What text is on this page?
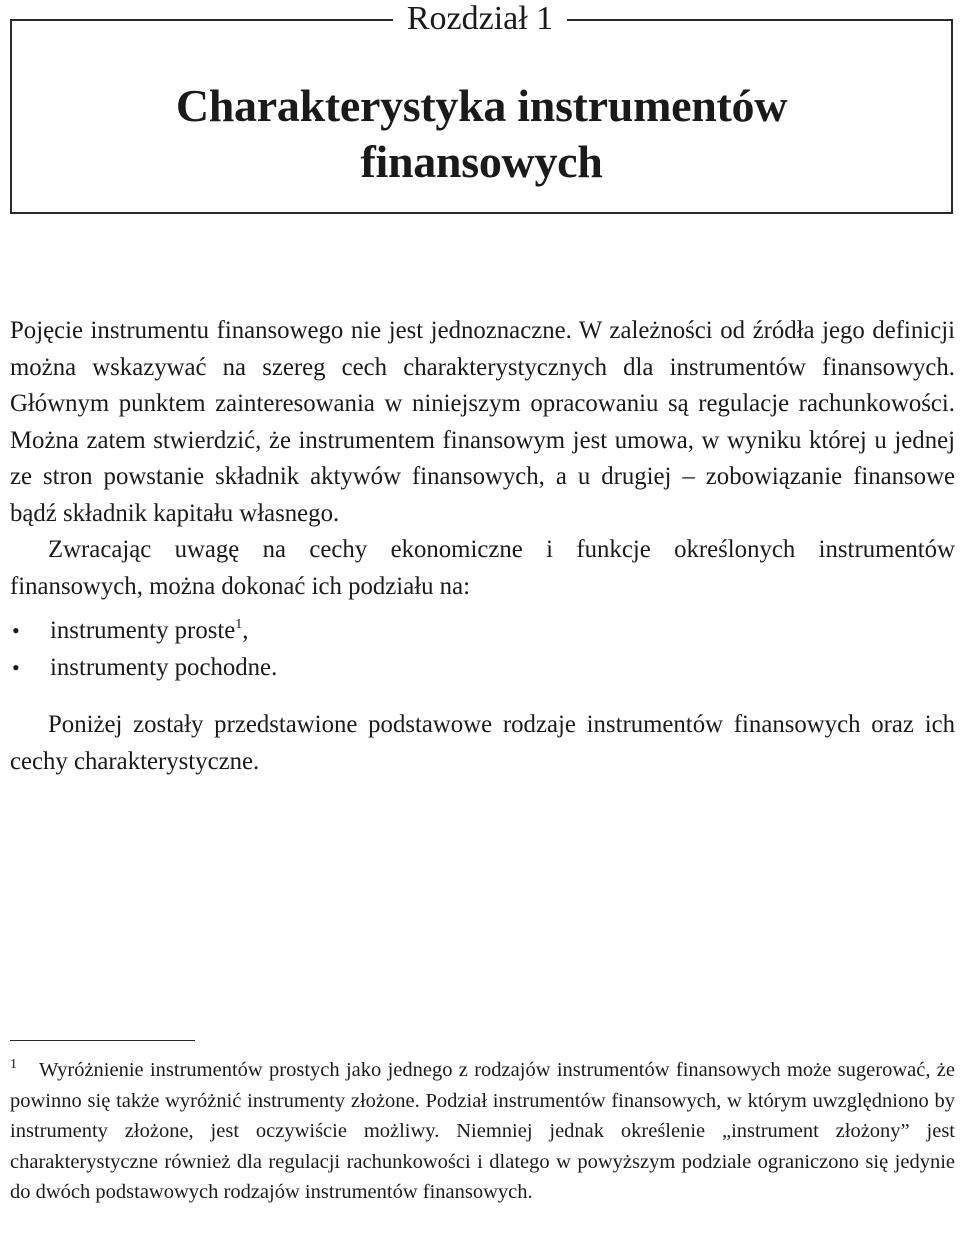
Rozdział 1
Charakterystyka instrumentów
finansowych

Pojęcie instrumentu finansowego nie jest jednoznaczne. W zależności od źródła jego definicji można wskazywać na szereg cech charakterystycznych dla instrumentów finansowych. Głównym punktem zainteresowania w niniejszym opracowaniu są regulacje rachunkowości. Można zatem stwierdzić, że instrumentem finansowym jest umowa, w wyniku której u jednej ze stron powstanie składnik aktywów finansowych, a u drugiej – zobowiązanie finansowe bądź składnik kapitału własnego.

Zwracając uwagę na cechy ekonomiczne i funkcje określonych instrumentów finansowych, można dokonać ich podziału na:

• instrumenty proste$^1$,
• instrumenty pochodne.

Poniżej zostały przedstawione podstawowe rodzaje instrumentów finansowych oraz ich cechy charakterystyczne.

$^1$ Wyróżnienie instrumentów prostych jako jednego z rodzajów instrumentów finansowych może sugerować, że powinno się także wyróżnić instrumenty złożone. Podział instrumentów finansowych, w którym uwzględniono by instrumenty złożone, jest oczywiście możliwy. Niemniej jednak określenie „instrument złożony” jest charakterystyczne również dla regulacji rachunkowości i dlatego w powyższym podziale ograniczono się jedynie do dwóch podstawowych rodzajów instrumentów finansowych.
